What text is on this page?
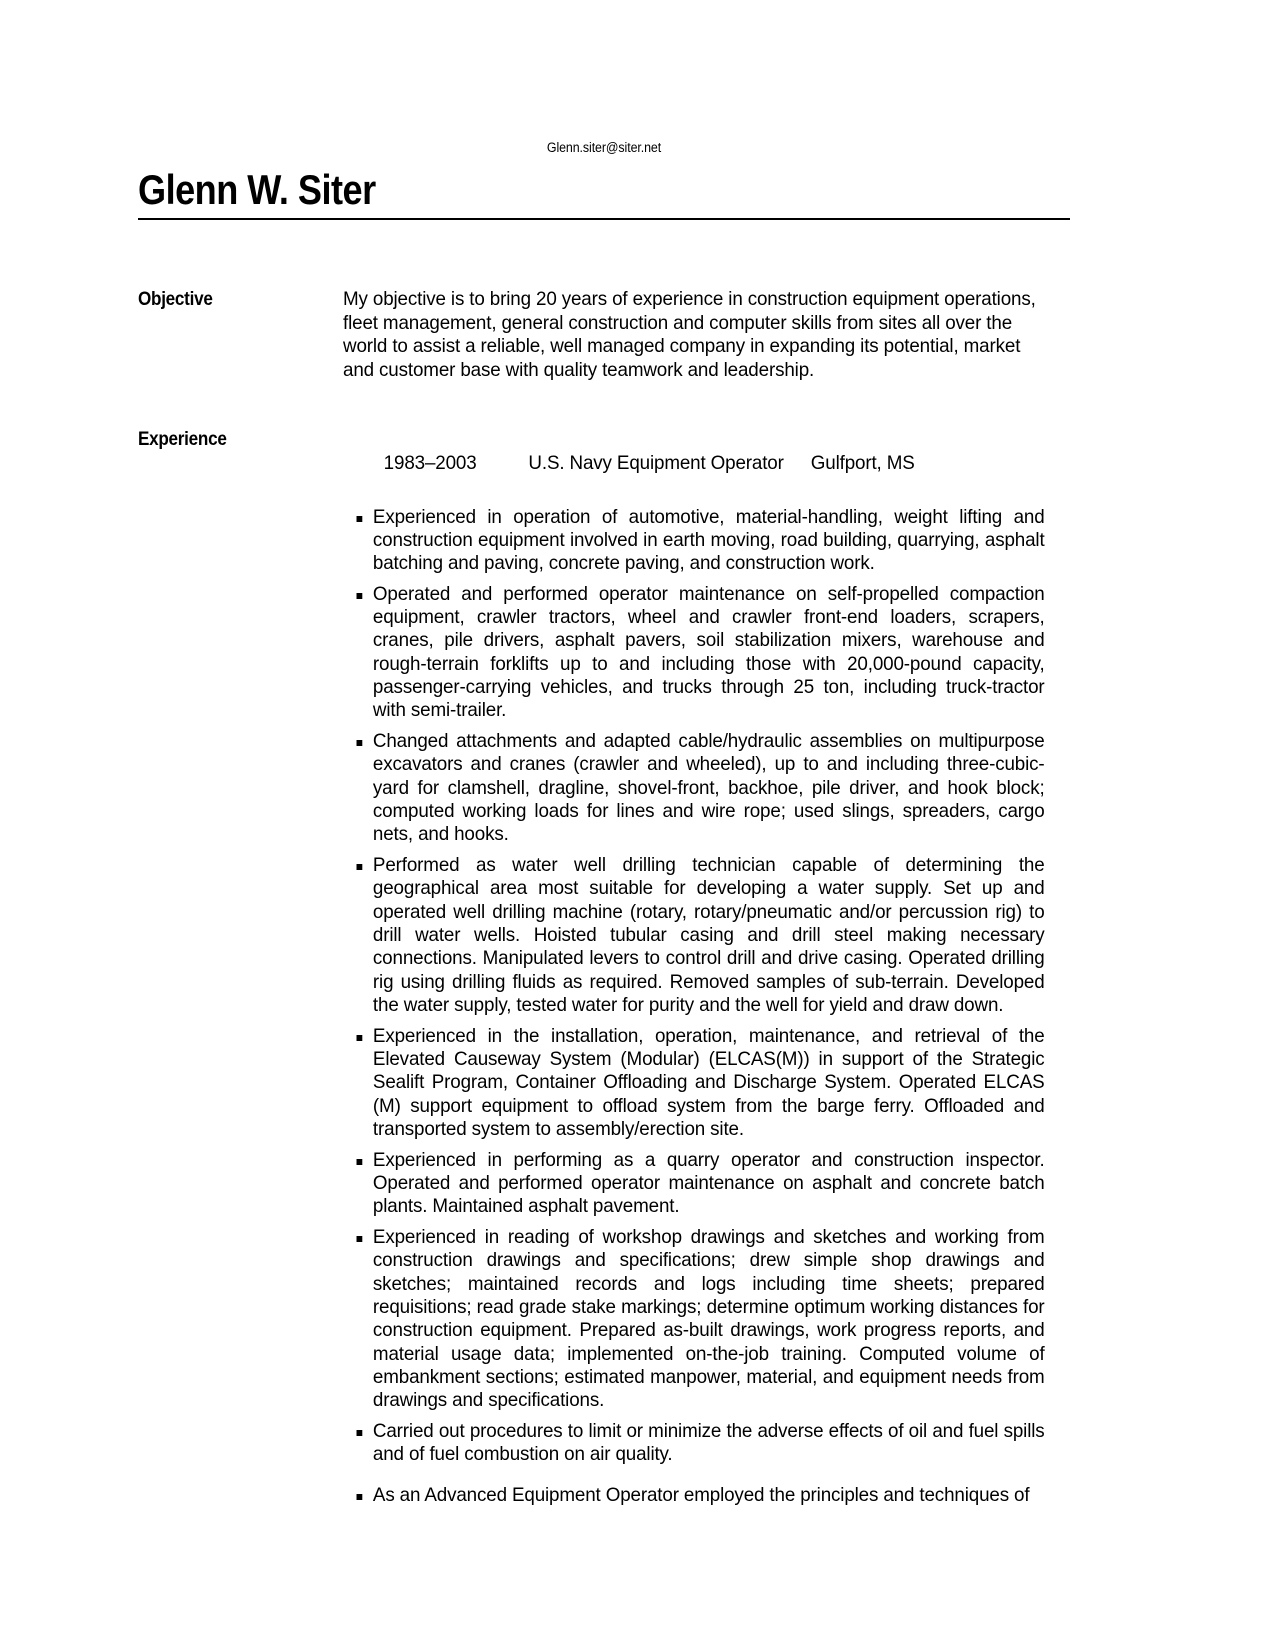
Glenn.siter@siter.net
Glenn W. Siter
Objective	My objective is to bring 20 years of experience in construction equipment operations, fleet management, general construction and computer skills from sites all over the world to assist a reliable, well managed company in expanding its potential, market and customer base with quality teamwork and leadership.
Experience

1983–2003	U.S. Navy Equipment Operator Gulfport, MS

Experienced in operation of automotive, material-handling, weight lifting and construction equipment involved in earth moving, road building, quarrying, asphalt batching and paving, concrete paving, and construction work.
Operated and performed operator maintenance on self-propelled compaction equipment, crawler tractors, wheel and crawler front-end loaders, scrapers, cranes, pile drivers, asphalt pavers, soil stabilization mixers, warehouse and rough-terrain forklifts up to and including those with 20,000-pound capacity, passenger-carrying vehicles, and trucks through 25 ton, including truck-tractor with semi-trailer.
Changed attachments and adapted cable/hydraulic assemblies on multipurpose excavators and cranes (crawler and wheeled), up to and including three-cubic-yard for clamshell, dragline, shovel-front, backhoe, pile driver, and hook block; computed working loads for lines and wire rope; used slings, spreaders, cargo nets, and hooks.
Performed as water well drilling technician capable of determining the geographical area most suitable for developing a water supply. Set up and operated well drilling machine (rotary, rotary/pneumatic and/or percussion rig) to drill water wells. Hoisted tubular casing and drill steel making necessary connections. Manipulated levers to control drill and drive casing. Operated drilling rig using drilling fluids as required. Removed samples of sub-terrain. Developed the water supply, tested water for purity and the well for yield and draw down.
Experienced in the installation, operation, maintenance, and retrieval of the Elevated Causeway System (Modular) (ELCAS(M)) in support of the Strategic Sealift Program, Container Offloading and Discharge System. Operated ELCAS (M) support equipment to offload system from the barge ferry. Offloaded and transported system to assembly/erection site.
Experienced in performing as a quarry operator and construction inspector. Operated and performed operator maintenance on asphalt and concrete batch plants. Maintained asphalt pavement.
Experienced in reading of workshop drawings and sketches and working from construction drawings and specifications; drew simple shop drawings and sketches; maintained records and logs including time sheets; prepared requisitions; read grade stake markings; determine optimum working distances for construction equipment. Prepared as-built drawings, work progress reports, and material usage data; implemented on-the-job training. Computed volume of embankment sections; estimated manpower, material, and equipment needs from drawings and specifications.
Carried out procedures to limit or minimize the adverse effects of oil and fuel spills and of fuel combustion on air quality.
As an Advanced Equipment Operator employed the principles and techniques of
